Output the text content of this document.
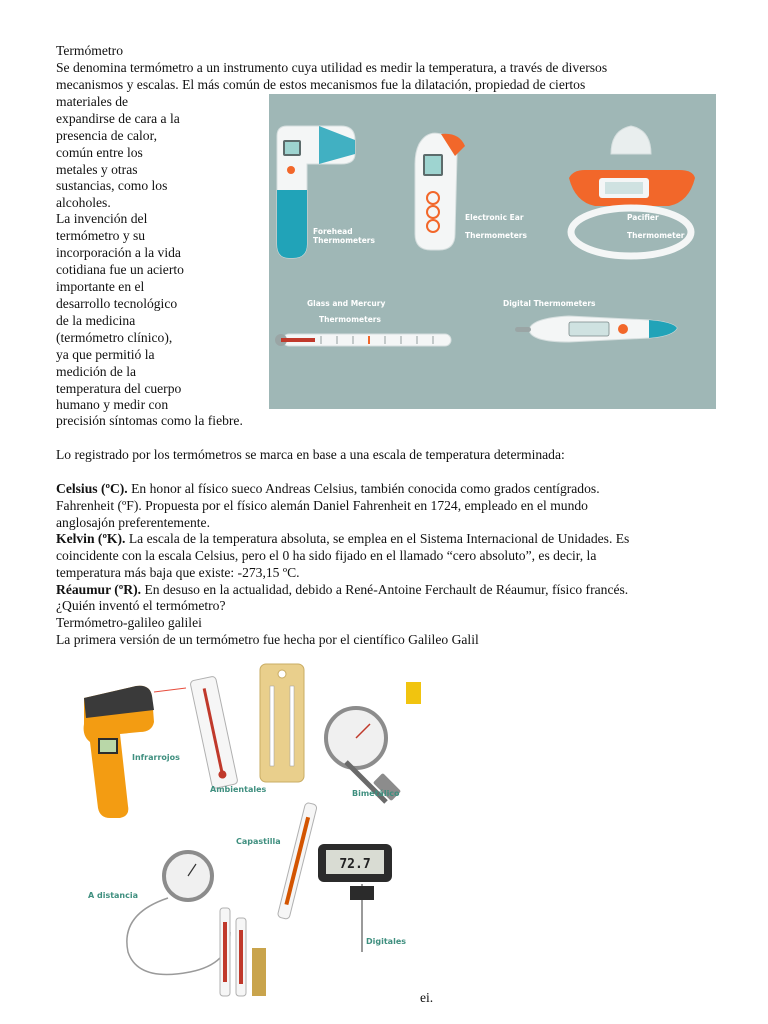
Termómetro
Se denomina termómetro a un instrumento cuya utilidad es medir la temperatura, a través de diversos
mecanismos y escalas. El más común de estos mecanismos fue la dilatación, propiedad de ciertos
materiales de
expandirse de cara a la
presencia de calor,
común entre los
metales y otras
sustancias, como los
alcoholes.
La invención del
termómetro y su
incorporación a la vida
cotidiana fue un acierto
importante en el
desarrollo tecnológico
de la medicina
(termómetro clínico),
ya que permitió la
medición de la
temperatura del cuerpo
humano y medir con
precisión síntomas como la fiebre.
Forehead
Thermometers
Electronic Ear
Thermometers
Pacifier
Thermometer
Glass and Mercury
Thermometers
Digital Thermometers
Lo registrado por los termómetros se marca en base a una escala de temperatura determinada:
Celsius (ºC). En honor al físico sueco Andreas Celsius, también conocida como grados centígrados.
Fahrenheit (ºF). Propuesta por el físico alemán Daniel Fahrenheit en 1724, empleado en el mundo
anglosajón preferentemente.
Kelvin (ºK). La escala de la temperatura absoluta, se emplea en el Sistema Internacional de Unidades. Es
coincidente con la escala Celsius, pero el 0 ha sido fijado en el llamado “cero absoluto”, es decir, la
temperatura más baja que existe: -273,15 ºC.
Réaumur (ºR). En desuso en la actualidad, debido a René-Antoine Ferchault de Réaumur, físico francés.
¿Quién inventó el termómetro?
Termómetro-galileo galilei
La primera versión de un termómetro fue hecha por el científico Galileo Galil
Infrarrojos
Ambientales	Bimetálico
Capastilla
A distancia
72.7
Digitales
ei.
